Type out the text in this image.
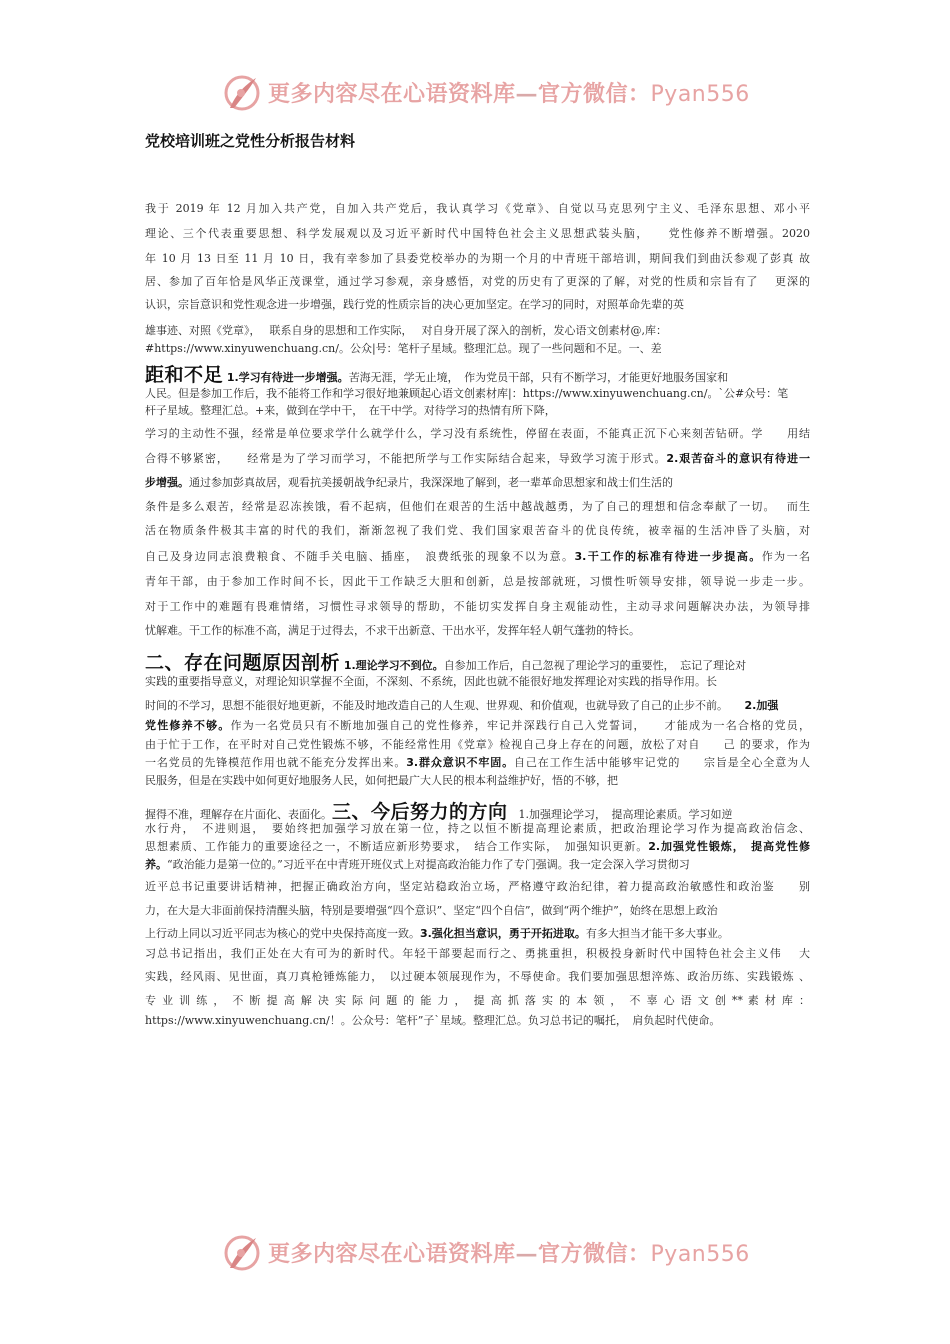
更多内容尽在心语资料库—官方微信：Pyan556
党校培训班之党性分析报告材料
我于 2019 年 12 月加入共产党，自加入共产党后，我认真学习《党章》、自觉以马克思列宁主义、毛泽东思想、邓小平
理论、三个代表重要思想、科学发展观以及习近平新时代中国特色社会主义思想武装头脑，　　党性修养不断增强。2020
年 10 月 13 日至 11 月 10 日，我有幸参加了县委党校举办的为期一个月的中青班干部培训，期间我们到曲沃参观了彭真 故
居、参加了百年恰是风华正茂课堂，通过学习参观，亲身感悟，对党的历史有了更深的了解，对党的性质和宗旨有了　 更深的
认识，宗旨意识和党性观念进一步增强，践行党的性质宗旨的决心更加坚定。在学习的同时，对照革命先辈的英
雄事迹、对照《党章》，　 联系自身的思想和工作实际，　 对自身开展了深入的剖析，发心语文创素材@,库：
#https://www.xinyuwenchuang.cn/。公众|号：笔杆子星域。整理汇总。现了一些问题和不足。一、差
距和不足 1.学习有待进一步增强。苦海无涯，学无止境，　作为党员干部，只有不断学习，才能更好地服务国家和
人民。但是参加工作后，我不能将工作和学习很好地兼顾起心语文创素材库|：https://www.xinyuwenchuang.cn/。`公#众号：笔
杆子星域。整理汇总。+来，做到在学中干，　在干中学。对待学习的热情有所下降，
学习的主动性不强，经常是单位要求学什么就学什么，学习没有系统性，停留在表面，不能真正沉下心来刻苦钻研。学　　用结
合得不够紧密，　　经常是为了学习而学习，不能把所学与工作实际结合起来，导致学习流于形式。2.艰苦奋斗的意识有待进一
步增强。通过参加彭真故居，观看抗美援朝战争纪录片，我深深地了解到，老一辈革命思想家和战士们生活的
条件是多么艰苦，经常是忍冻挨饿，看不起病，但他们在艰苦的生活中越战越勇，为了自己的理想和信念奉献了一切。　 而生
活在物质条件极其丰富的时代的我们，渐渐忽视了我们党、我们国家艰苦奋斗的优良传统，被幸福的生活冲昏了头脑，对
自己及身边同志浪费粮食、不随手关电脑、插座，　浪费纸张的现象不以为意。3.干工作的标准有待进一步提高。作为一名
青年干部，由于参加工作时间不长，因此干工作缺乏大胆和创新，总是按部就班，习惯性听领导安排，领导说一步走一步。
对于工作中的难题有畏难情绪，习惯性寻求领导的帮助，不能切实发挥自身主观能动性，主动寻求问题解决办法，为领导排
忧解难。干工作的标准不高，满足于过得去，不求干出新意、干出水平，发挥年轻人朝气蓬勃的特长。
二、存在问题原因剖析 1.理论学习不到位。自参加工作后，自己忽视了理论学习的重要性，　忘记了理论对
实践的重要指导意义，对理论知识掌握不全面，不深刻、不系统，因此也就不能很好地发挥理论对实践的指导作用。长
时间的不学习，思想不能很好地更新，不能及时地改造自己的人生观、世界观、和价值观，也就导致了自己的止步不前。　　2.加强
党性修养不够。作为一名党员只有不断地加强自己的党性修养，牢记并深践行自己入党誓词，　　才能成为一名合格的党员，
由于忙于工作，在平时对自己党性锻炼不够，不能经常性用《党章》检视自己身上存在的问题，放松了对自　　己 的要求，作为
一名党员的先锋模范作用也就不能充分发挥出来。3.群众意识不牢固。自己在工作生活中能够牢记党的　　宗旨是全心全意为人
民服务，但是在实践中如何更好地服务人民，如何把最广大人民的根本利益维护好，悟的不够，把
握得不准，理解存在片面化、表面化。三、今后努力的方向　1.加强理论学习，　提高理论素质。学习如逆
水行舟，　不进则退，　要始终把加强学习放在第一位，持之以恒不断提高理论素质，把政治理论学习作为提高政治信念、
思想素质、工作能力的重要途径之一，不断适应新形势要求，　结合工作实际，　加强知识更新。2.加强党性锻炼，　提高党性修
养。“政治能力是第一位的。”习近平在中青班开班仪式上对提高政治能力作了专门强调。我一定会深入学习贯彻习
近平总书记重要讲话精神，把握正确政治方向，坚定站稳政治立场，严格遵守政治纪律，着力提高政治敏感性和政治鉴　　别
力，在大是大非面前保持清醒头脑，特别是要增强“四个意识”、坚定“四个自信”，做到“两个维护”，始终在思想上政治
上行动上同以习近平同志为核心的党中央保持高度一致。3.强化担当意识，勇于开拓进取。有多大担当才能干多大事业。
习总书记指出，我们正处在大有可为的新时代。年轻干部要起而行之、勇挑重担，积极投身新时代中国特色社会主义伟　 大
实践，经风雨、见世面，真刀真枪锤炼能力，　以过硬本领展现作为，不辱使命。我们要加强思想淬炼、政治历练、实践锻炼 、
专 业 训 练 ，　不 断 提 高 解 决 实 际 问 题 的 能 力 ，　提 高 抓 落 实 的 本 领 ，　不 辜 心 语 文 创 ** 素 材 库 ：
https://www.xinyuwenchuang.cn/！。公众号：笔杆”子`星域。整理汇总。负习总书记的嘱托，　肩负起时代使命。
更多内容尽在心语资料库—官方微信：Pyan556
